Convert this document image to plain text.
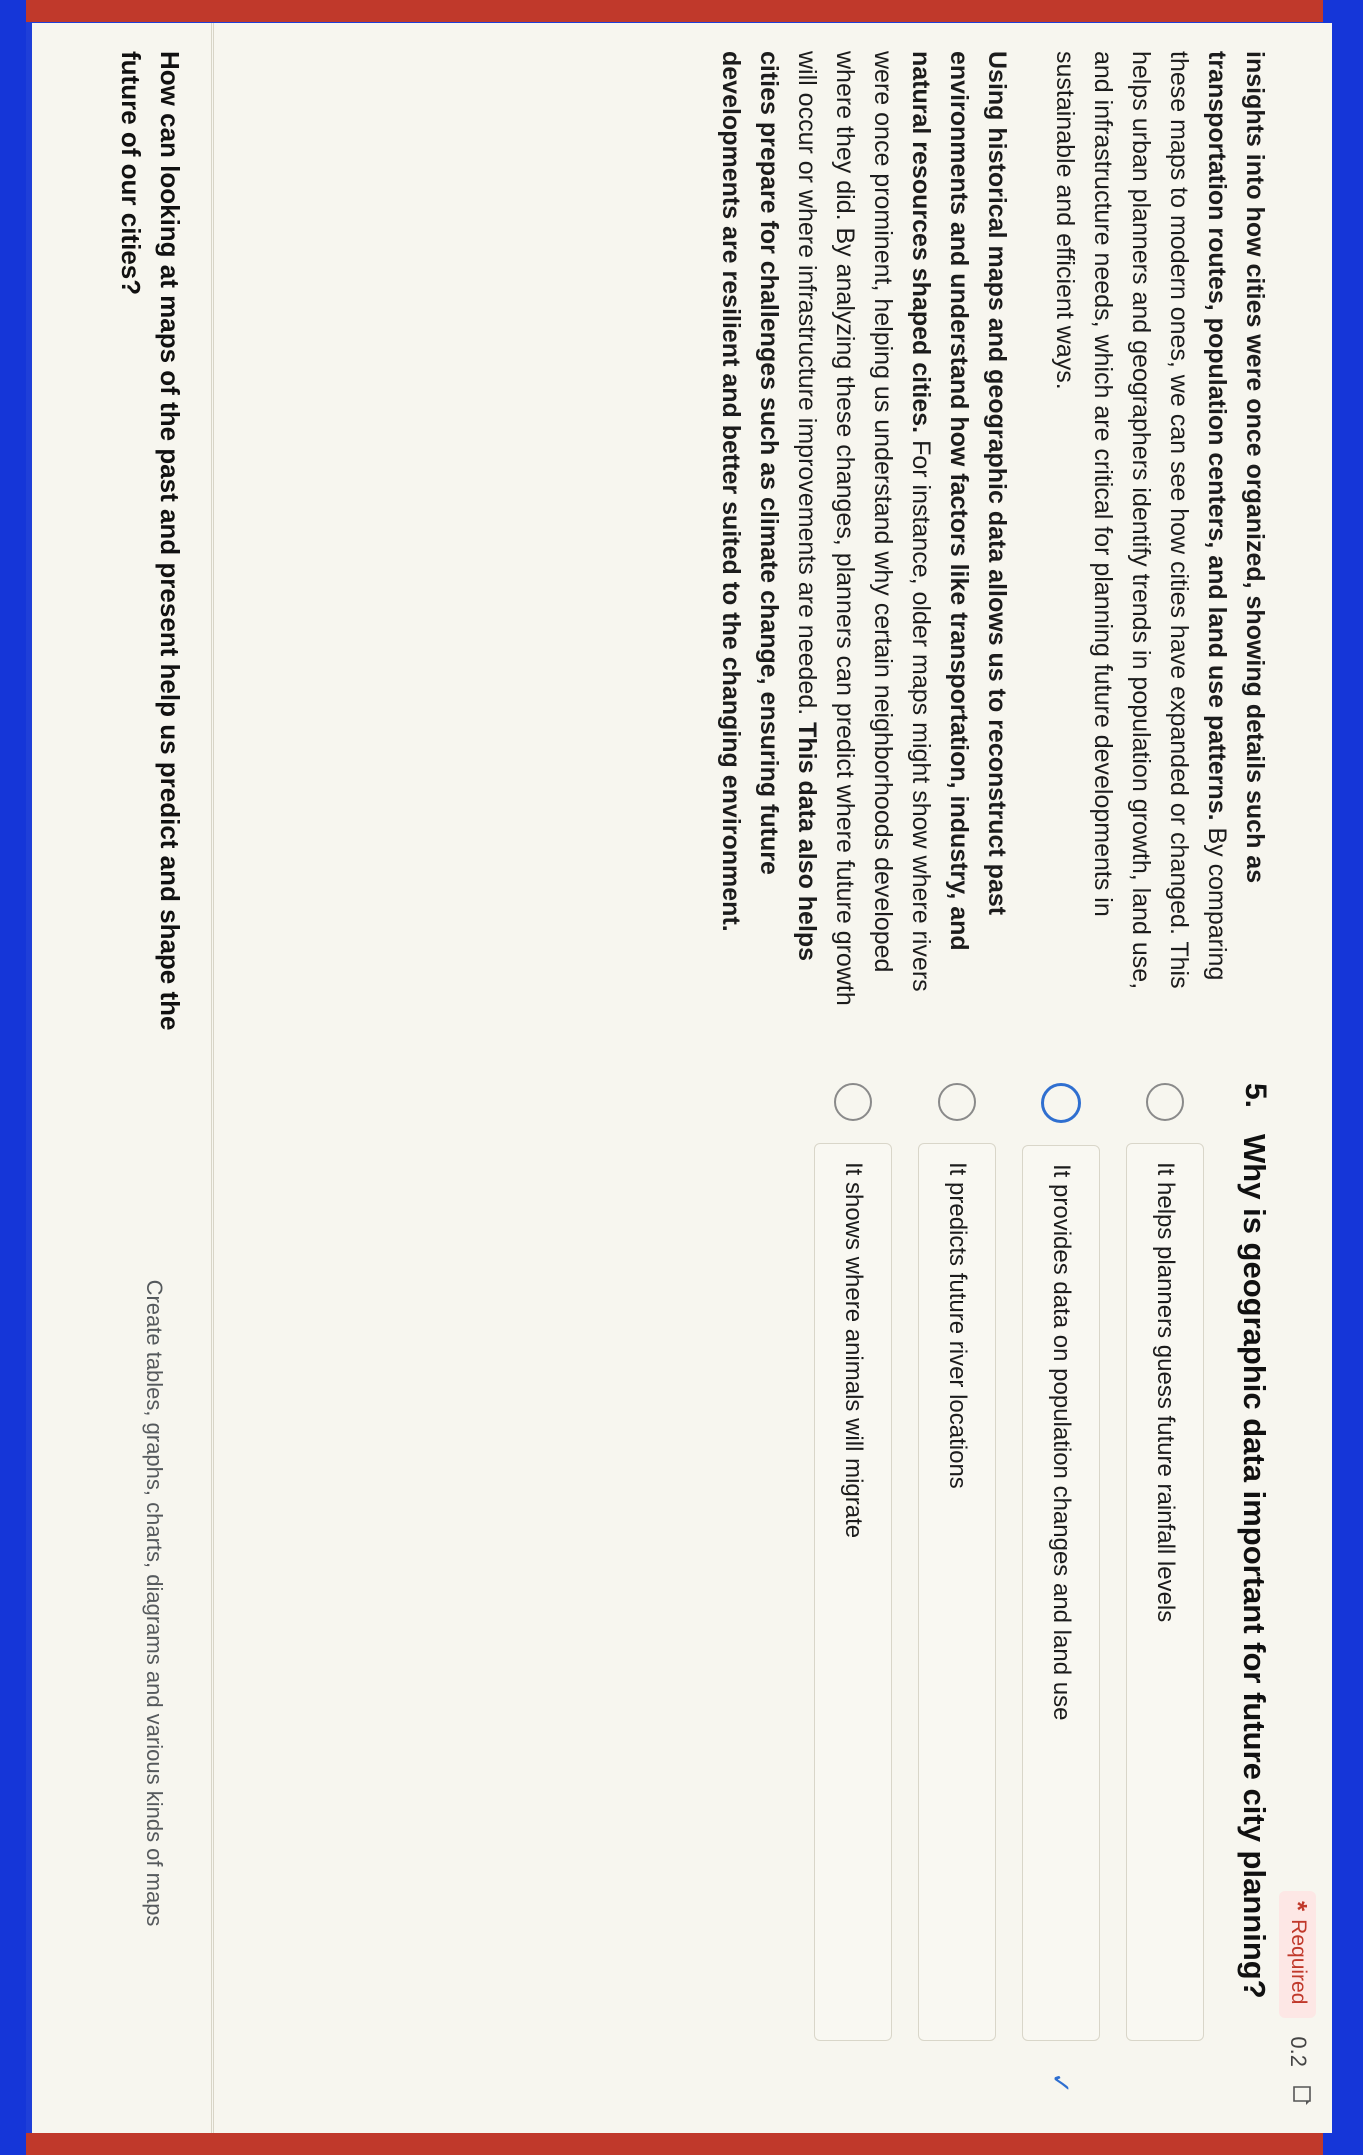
*
Required
0.2

insights into how cities were once organized, showing details such as transportation routes, population centers, and land use patterns. By comparing these maps to modern ones, we can see how cities have expanded or changed. This helps urban planners and geographers identify trends in population growth, land use, and infrastructure needs, which are critical for planning future developments in sustainable and efficient ways.

Using historical maps and geographic data allows us to reconstruct past environments and understand how factors like transportation, industry, and natural resources shaped cities. For instance, older maps might show where rivers were once prominent, helping us understand why certain neighborhoods developed where they did. By analyzing these changes, planners can predict where future growth will occur or where infrastructure improvements are needed. This data also helps cities prepare for challenges such as climate change, ensuring future developments are resilient and better suited to the changing environment.

5.
Why is geographic data important for future city planning?
It helps planners guess future rainfall levels
It provides data on population changes and land use
✓
It predicts future river locations
It shows where animals will migrate
How can looking at maps of the past and present help us predict and shape the future of our cities?
Create tables, graphs, charts, diagrams and various kinds of maps
